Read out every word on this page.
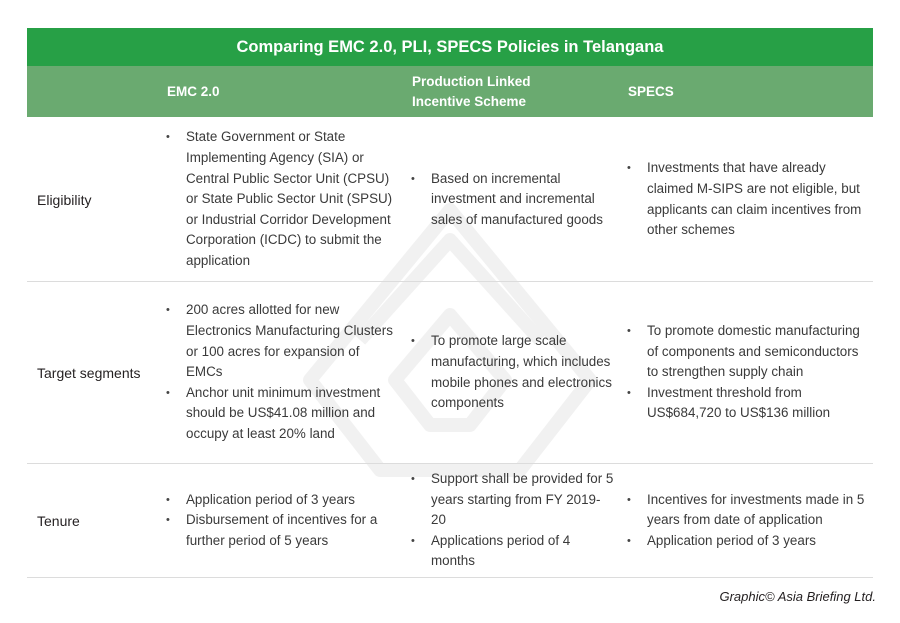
Comparing EMC 2.0, PLI, SPECS Policies in Telangana
EMC 2.0
Production Linked Incentive Scheme
SPECS
Eligibility
• State Government or State Implementing Agency (SIA) or Central Public Sector Unit (CPSU) or State Public Sector Unit (SPSU) or Industrial Corridor Development Corporation (ICDC) to submit the application
• Based on incremental investment and incremental sales of manufactured goods
• Investments that have already claimed M-SIPS are not eligible, but applicants can claim incentives from other schemes
Target segments
• 200 acres allotted for new Electronics Manufacturing Clusters or 100 acres for expansion of EMCs
• Anchor unit minimum investment should be US$41.08 million and occupy at least 20% land
• To promote large scale manufacturing, which includes mobile phones and electronics components
• To promote domestic manufacturing of components and semiconductors to strengthen supply chain
• Investment threshold from US$684,720 to US$136 million
Tenure
• Application period of 3 years
• Disbursement of incentives for a further period of 5 years
• Support shall be provided for 5 years starting from FY 2019-20
• Applications period of 4 months
• Incentives for investments made in 5 years from date of application
• Application period of 3 years
Graphic© Asia Briefing Ltd.
